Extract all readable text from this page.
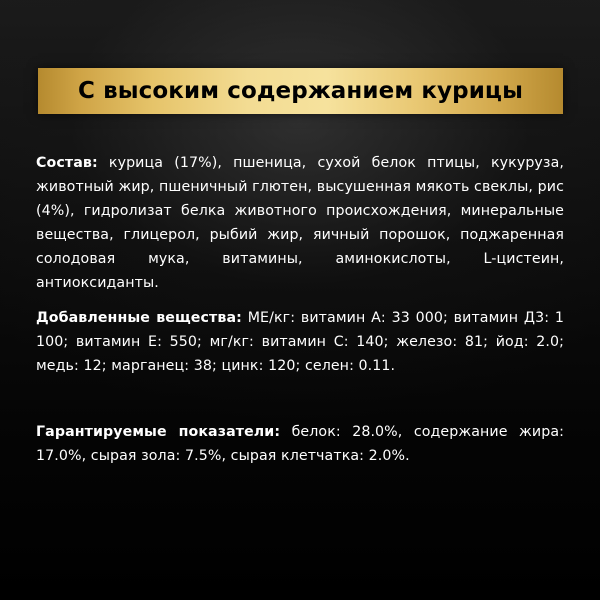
С высоким содержанием курицы

Состав: курица (17%), пшеница, сухой белок птицы, кукуруза, животный жир, пшеничный глютен, высушенная мякоть свеклы, рис (4%), гидролизат белка животного происхождения, минеральные вещества, глицерол, рыбий жир, яичный порошок, поджаренная солодовая мука, витамины, аминокислоты, L-цистеин, антиоксиданты.

Добавленные вещества: МЕ/кг: витамин А: 33 000; витамин Д3: 1 100; витамин Е: 550; мг/кг: витамин С: 140; железо: 81; йод: 2.0; медь: 12; марганец: 38; цинк: 120; селен: 0.11.

Гарантируемые показатели: белок: 28.0%, содержание жира: 17.0%, сырая зола: 7.5%, сырая клетчатка: 2.0%.
